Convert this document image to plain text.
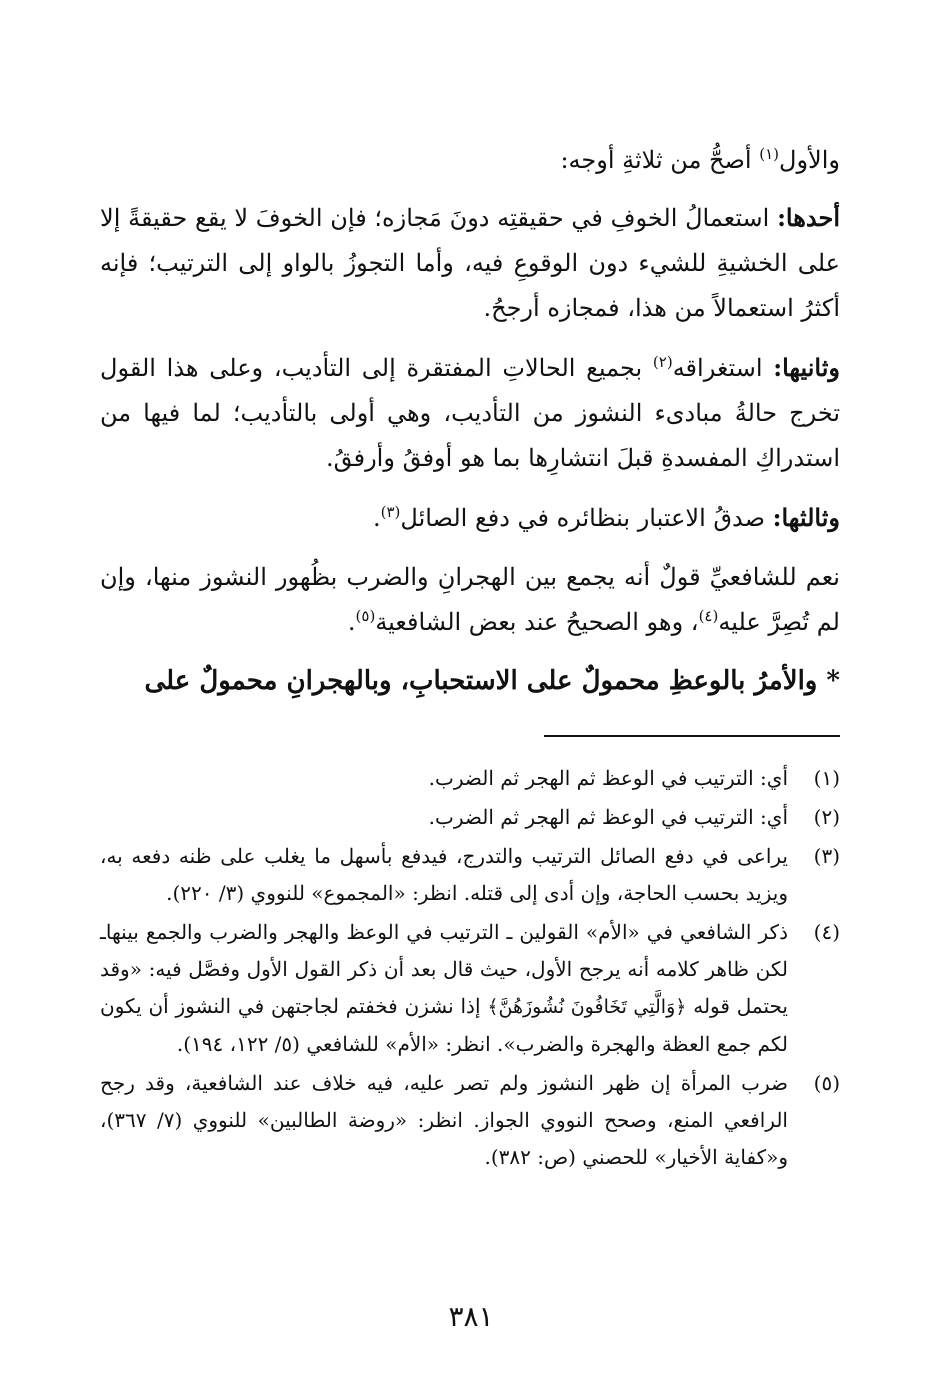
والأول$^{(١)}$ أصحُّ من ثلاثةِ أوجه:

أحدها: استعمالُ الخوفِ في حقيقتِه دونَ مَجازه؛ فإن الخوفَ لا يقع حقيقةً إلا على الخشيةِ للشيء دون الوقوعِ فيه، وأما التجوزُ بالواو إلى الترتيب؛ فإنه أكثرُ استعمالاً من هذا، فمجازه أرجحُ.

وثانيها: استغراقه$^{(٢)}$ بجميع الحالاتِ المفتقرة إلى التأديب، وعلى هذا القول تخرج حالةُ مبادىء النشوز من التأديب، وهي أولى بالتأديب؛ لما فيها من استدراكِ المفسدةِ قبلَ انتشارِها بما هو أوفقُ وأرفقُ.

وثالثها: صدقُ الاعتبار بنظائره في دفع الصائل$^{(٣)}$.

نعم للشافعيِّ قولٌ أنه يجمع بين الهجرانِ والضرب بظُهور النشوز منها، وإن لم تُصِرَّ عليه$^{(٤)}$، وهو الصحيحُ عند بعض الشافعية$^{(٥)}$.

* والأمرُ بالوعظِ محمولٌ على الاستحبابِ، وبالهجرانِ محمولٌ على

(١)
أي: الترتيب في الوعظ ثم الهجر ثم الضرب.
(٢)
أي: الترتيب في الوعظ ثم الهجر ثم الضرب.
(٣)
يراعى في دفع الصائل الترتيب والتدرج، فيدفع بأسهل ما يغلب على ظنه دفعه به، ويزيد بحسب الحاجة، وإن أدى إلى قتله. انظر: «المجموع» للنووي (٣/ ٢٢٠).
(٤)
ذكر الشافعي في «الأم» القولين ـ الترتيب في الوعظ والهجر والضرب والجمع بينهاـ لكن ظاهر كلامه أنه يرجح الأول، حيث قال بعد أن ذكر القول الأول وفصَّل فيه: «وقد يحتمل قوله ﴿وَالَّتِي تَخَافُونَ نُشُوزَهُنَّ﴾ إذا نشزن فخفتم لجاجتهن في النشوز أن يكون لكم جمع العظة والهجرة والضرب». انظر: «الأم» للشافعي (٥/ ١٢٢، ١٩٤).
(٥)
ضرب المرأة إن ظهر النشوز ولم تصر عليه، فيه خلاف عند الشافعية، وقد رجح الرافعي المنع، وصحح النووي الجواز. انظر: «روضة الطالبين» للنووي (٧/ ٣٦٧)، و«كفاية الأخيار» للحصني (ص: ٣٨٢).
٣٨١
